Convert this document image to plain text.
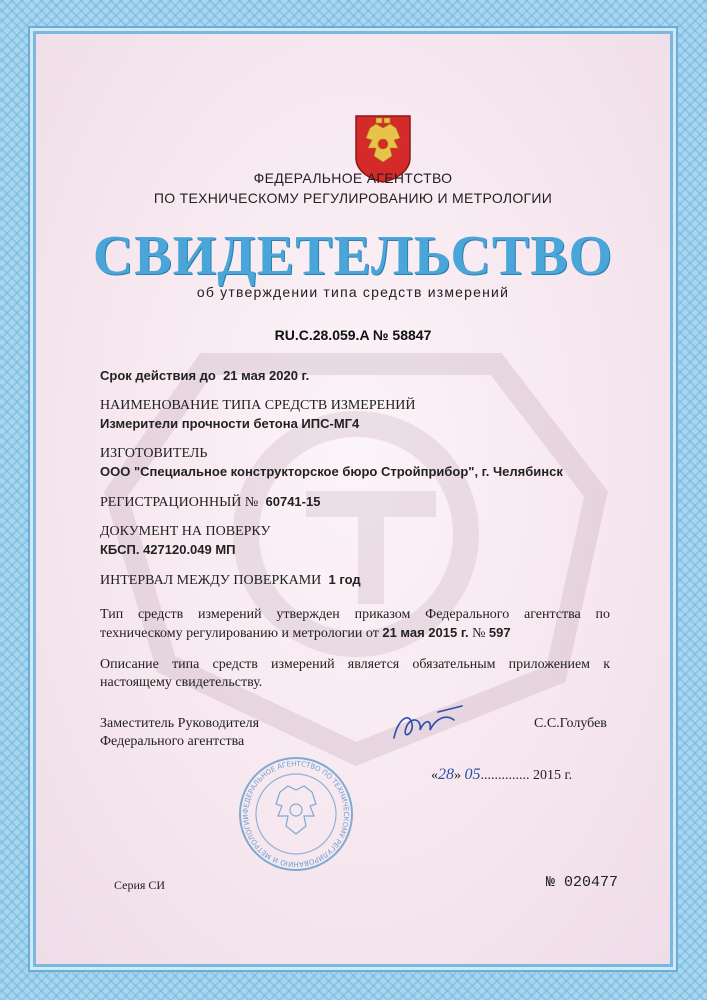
ФЕДЕРАЛЬНОЕ АГЕНТСТВО
ПО ТЕХНИЧЕСКОМУ РЕГУЛИРОВАНИЮ И МЕТРОЛОГИИ
СВИДЕТЕЛЬСТВО
об утверждении типа средств измерений
RU.C.28.059.A № 58847
Срок действия до 21 мая 2020 г.
НАИМЕНОВАНИЕ ТИПА СРЕДСТВ ИЗМЕРЕНИЙ
Измерители прочности бетона ИПС-МГ4
ИЗГОТОВИТЕЛЬ
ООО "Специальное конструкторское бюро Стройприбор", г. Челябинск
РЕГИСТРАЦИОННЫЙ № 60741-15
ДОКУМЕНТ НА ПОВЕРКУ
КБСП. 427120.049 МП
ИНТЕРВАЛ МЕЖДУ ПОВЕРКАМИ 1 год
Тип средств измерений утвержден приказом Федерального агентства по техническому регулированию и метрологии от 21 мая 2015 г. № 597
Описание типа средств измерений является обязательным приложением к настоящему свидетельству.
Заместитель Руководителя
Федерального агентства
С.С.Голубев
«28» 05.............. 2015 г.
ФЕДЕРАЛЬНОЕ АГЕНТСТВО ПО ТЕХНИЧЕСКОМУ РЕГУЛИРОВАНИЮ И МЕТРОЛОГИИ
Серия СИ	№ 020477
